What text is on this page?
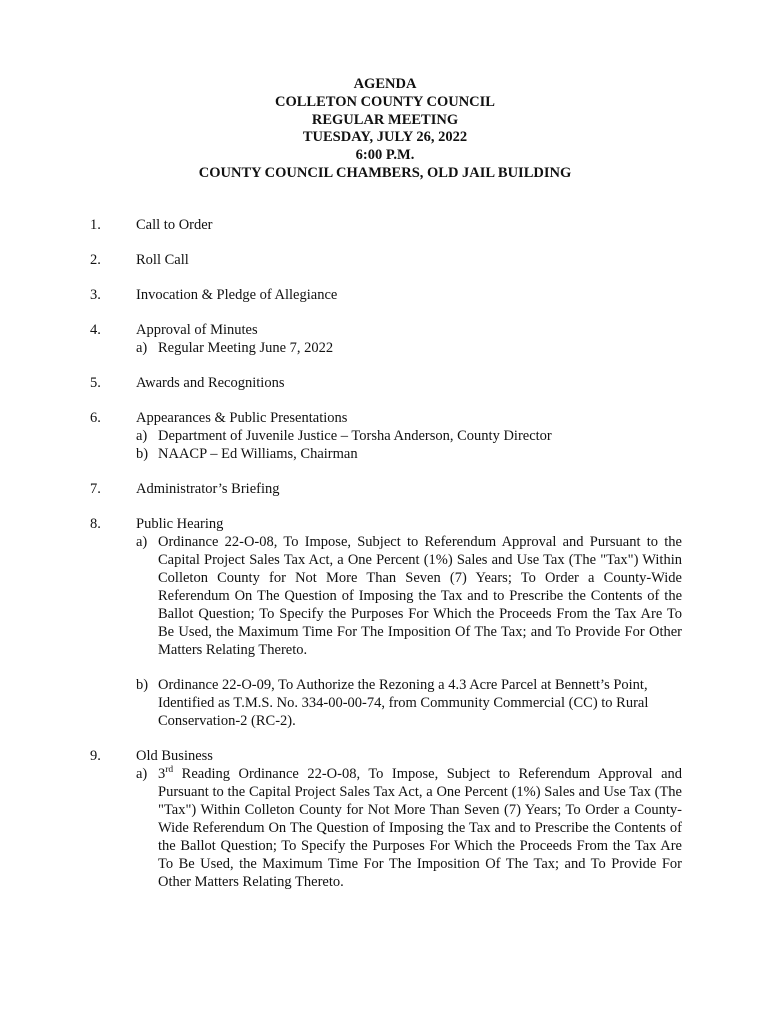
AGENDA
COLLETON COUNTY COUNCIL
REGULAR MEETING
TUESDAY, JULY 26, 2022
6:00 P.M.
COUNTY COUNCIL CHAMBERS, OLD JAIL BUILDING
1. Call to Order
2. Roll Call
3. Invocation & Pledge of Allegiance
4. Approval of Minutes
a) Regular Meeting June 7, 2022
5. Awards and Recognitions
6. Appearances & Public Presentations
a) Department of Juvenile Justice – Torsha Anderson, County Director
b) NAACP – Ed Williams, Chairman
7. Administrator’s Briefing
8. Public Hearing
a) Ordinance 22-O-08, To Impose, Subject to Referendum Approval and Pursuant to the Capital Project Sales Tax Act, a One Percent (1%) Sales and Use Tax (The "Tax") Within Colleton County for Not More Than Seven (7) Years; To Order a County-Wide Referendum On The Question of Imposing the Tax and to Prescribe the Contents of the Ballot Question; To Specify the Purposes For Which the Proceeds From the Tax Are To Be Used, the Maximum Time For The Imposition Of The Tax; and To Provide For Other Matters Relating Thereto.
b) Ordinance 22-O-09, To Authorize the Rezoning a 4.3 Acre Parcel at Bennett’s Point, Identified as T.M.S. No. 334-00-00-74, from Community Commercial (CC) to Rural Conservation-2 (RC-2).
9. Old Business
a) 3rd Reading Ordinance 22-O-08, To Impose, Subject to Referendum Approval and Pursuant to the Capital Project Sales Tax Act, a One Percent (1%) Sales and Use Tax (The "Tax") Within Colleton County for Not More Than Seven (7) Years; To Order a County-Wide Referendum On The Question of Imposing the Tax and to Prescribe the Contents of the Ballot Question; To Specify the Purposes For Which the Proceeds From the Tax Are To Be Used, the Maximum Time For The Imposition Of The Tax; and To Provide For Other Matters Relating Thereto.
